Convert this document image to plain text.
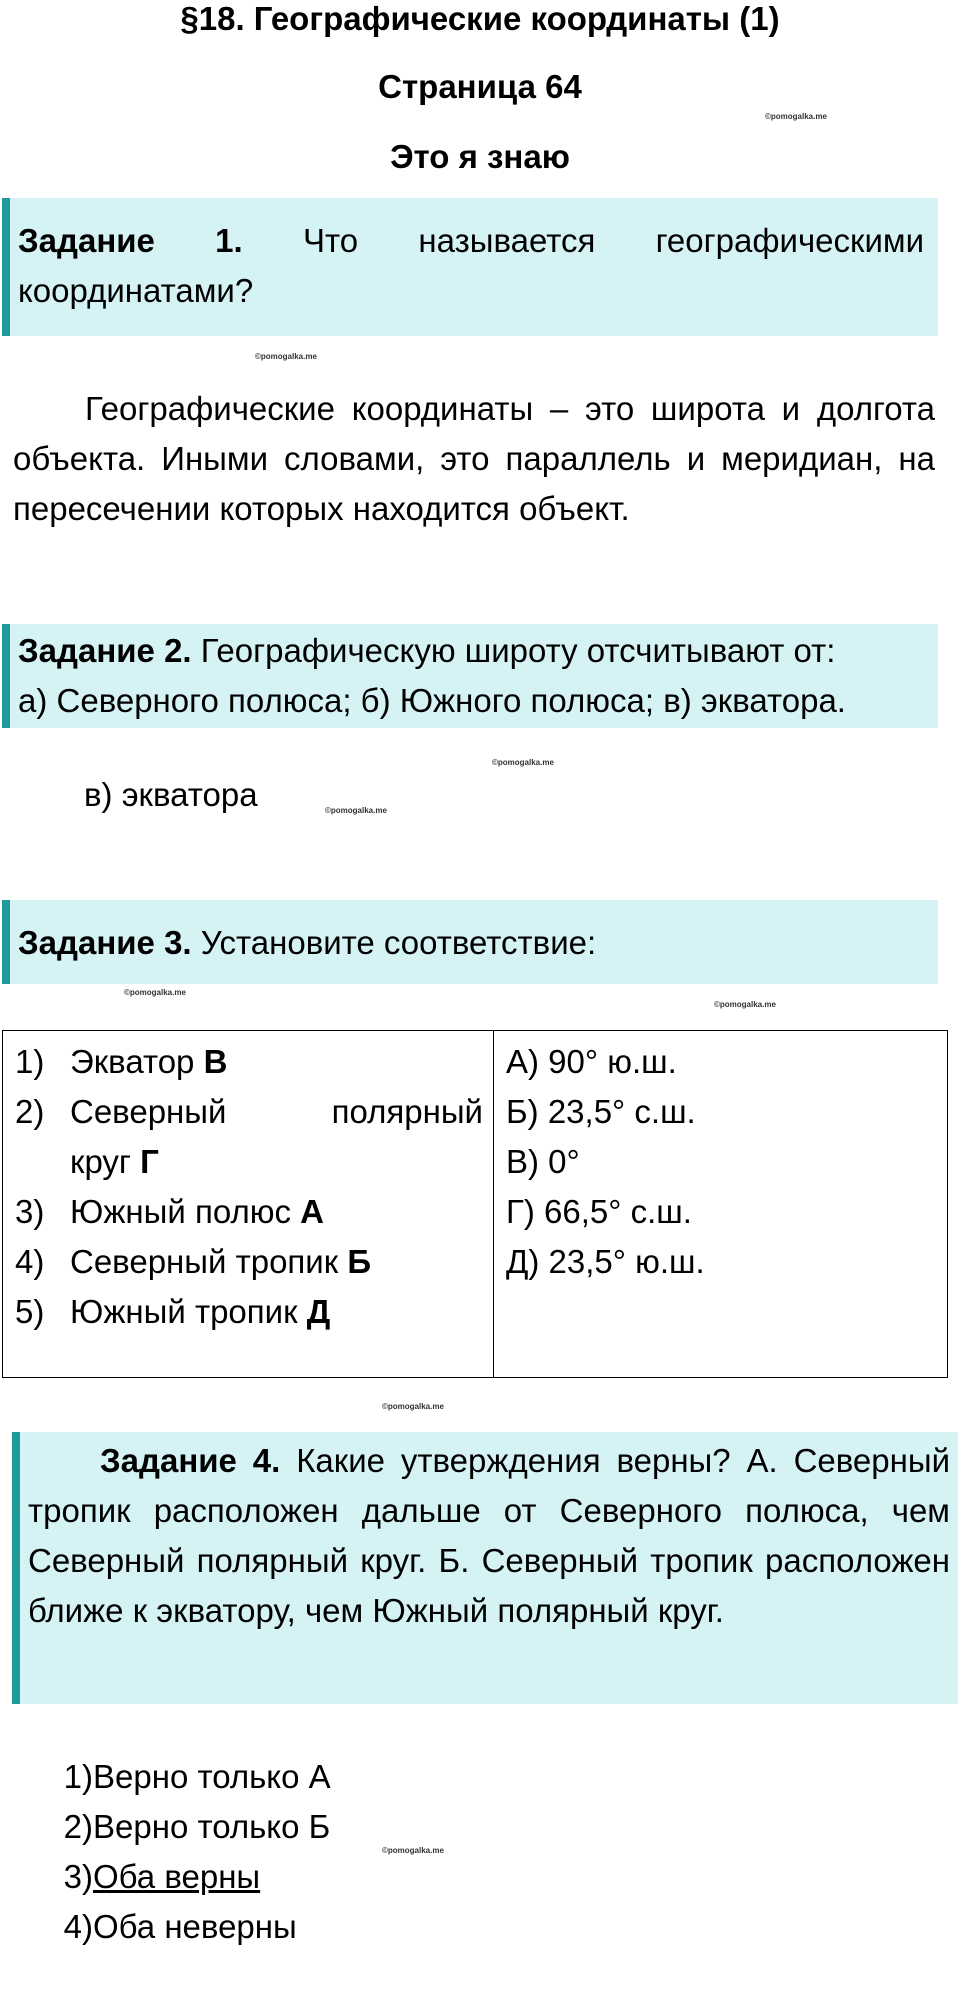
§18. Географические координаты (1)
Страница 64
Это я знаю
©pomogalka.me
Задание 1. Что называется географическими координатами?
©pomogalka.me
Географические координаты – это широта и долгота объекта. Иными словами, это параллель и меридиан, на пересечении которых находится объект.
Задание 2. Географическую широту отсчитывают от:
а) Северного полюса; б) Южного полюса; в) экватора.
©pomogalka.me
в) экватора	©pomogalka.me
Задание 3. Установите соответствие:
©pomogalka.me
©pomogalka.me
1) Экватор В
2) Северный	полярный
круг Г
3) Южный полюс А
4) Северный тропик Б
5) Южный тропик Д

А) 90° ю.ш.
Б) 23,5° с.ш.
В) 0°
Г) 66,5° с.ш.
Д) 23,5° ю.ш.
©pomogalka.me
Задание 4. Какие утверждения верны? А. Северный тропик расположен дальше от Северного полюса, чем Северный полярный круг. Б. Северный тропик расположен ближе к экватору, чем Южный полярный круг.
1) Верно только А
2) Верно только Б
3) Оба верны
4) Оба неверны
©pomogalka.me
